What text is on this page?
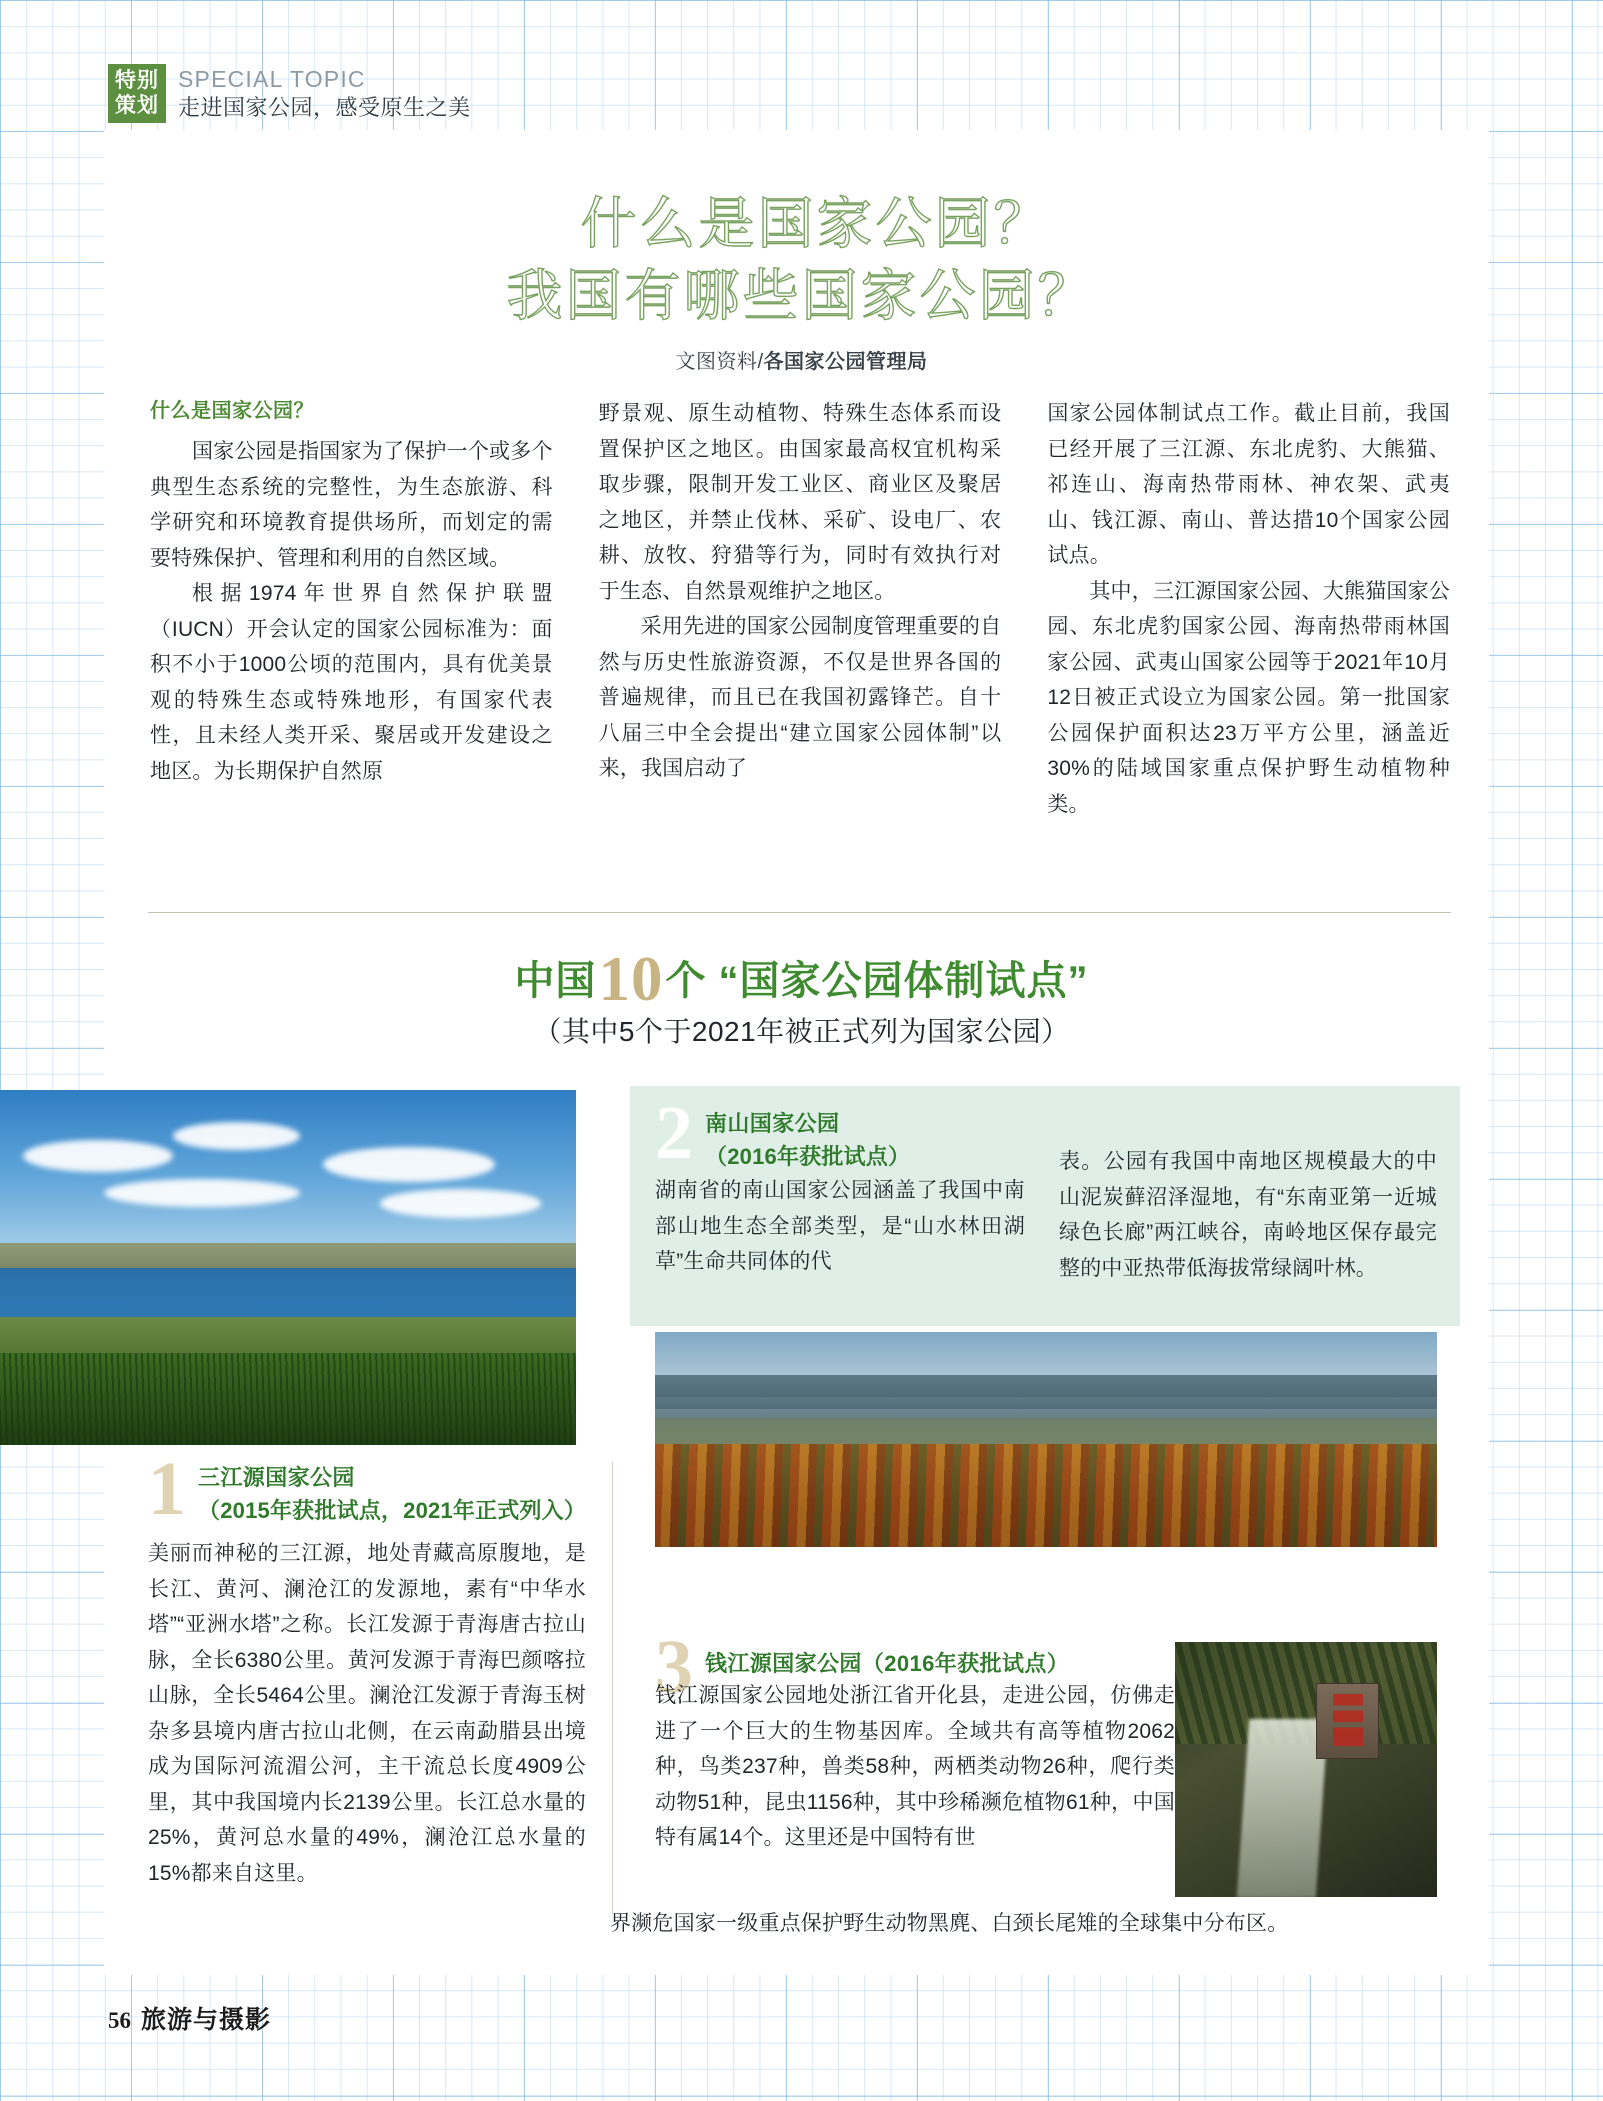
特别
策划
SPECIAL TOPIC
走进国家公园，感受原生之美
什么是国家公园？
我国有哪些国家公园？
文图资料/各国家公园管理局
什么是国家公园？

国家公园是指国家为了保护一个或多个典型生态系统的完整性，为生态旅游、科学研究和环境教育提供场所，而划定的需要特殊保护、管理和利用的自然区域。

根据1974年世界自然保护联盟（IUCN）开会认定的国家公园标准为：面积不小于1000公顷的范围内，具有优美景观的特殊生态或特殊地形，有国家代表性，且未经人类开采、聚居或开发建设之地区。为长期保护自然原

野景观、原生动植物、特殊生态体系而设置保护区之地区。由国家最高权宜机构采取步骤，限制开发工业区、商业区及聚居之地区，并禁止伐林、采矿、设电厂、农耕、放牧、狩猎等行为，同时有效执行对于生态、自然景观维护之地区。

采用先进的国家公园制度管理重要的自然与历史性旅游资源，不仅是世界各国的普遍规律，而且已在我国初露锋芒。自十八届三中全会提出“建立国家公园体制”以来，我国启动了

国家公园体制试点工作。截止目前，我国已经开展了三江源、东北虎豹、大熊猫、祁连山、海南热带雨林、神农架、武夷山、钱江源、南山、普达措10个国家公园试点。

其中，三江源国家公园、大熊猫国家公园、东北虎豹国家公园、海南热带雨林国家公园、武夷山国家公园等于2021年10月12日被正式设立为国家公园。第一批国家公园保护面积达23万平方公里，涵盖近30%的陆域国家重点保护野生动植物种类。

中国10个 “国家公园体制试点”
（其中5个于2021年被正式列为国家公园）
1 三江源国家公园
（2015年获批试点，2021年正式列入）
美丽而神秘的三江源，地处青藏高原腹地，是长江、黄河、澜沧江的发源地，素有“中华水塔”“亚洲水塔”之称。长江发源于青海唐古拉山脉，全长6380公里。黄河发源于青海巴颜喀拉山脉，全长5464公里。澜沧江发源于青海玉树杂多县境内唐古拉山北侧，在云南勐腊县出境成为国际河流湄公河，主干流总长度4909公里，其中我国境内长2139公里。长江总水量的25%，黄河总水量的49%，澜沧江总水量的15%都来自这里。
2 南山国家公园
（2016年获批试点）
湖南省的南山国家公园涵盖了我国中南部山地生态全部类型，是“山水林田湖草”生命共同体的代
表。公园有我国中南地区规模最大的中山泥炭藓沼泽湿地，有“东南亚第一近城绿色长廊”两江峡谷，南岭地区保存最完整的中亚热带低海拔常绿阔叶林。
3 钱江源国家公园（2016年获批试点）
钱江源国家公园地处浙江省开化县，走进公园，仿佛走进了一个巨大的生物基因库。全域共有高等植物2062种，鸟类237种，兽类58种，两栖类动物26种，爬行类动物51种，昆虫1156种，其中珍稀濒危植物61种，中国特有属14个。这里还是中国特有世
界濒危国家一级重点保护野生动物黑麂、白颈长尾雉的全球集中分布区。
56 旅游与摄影
